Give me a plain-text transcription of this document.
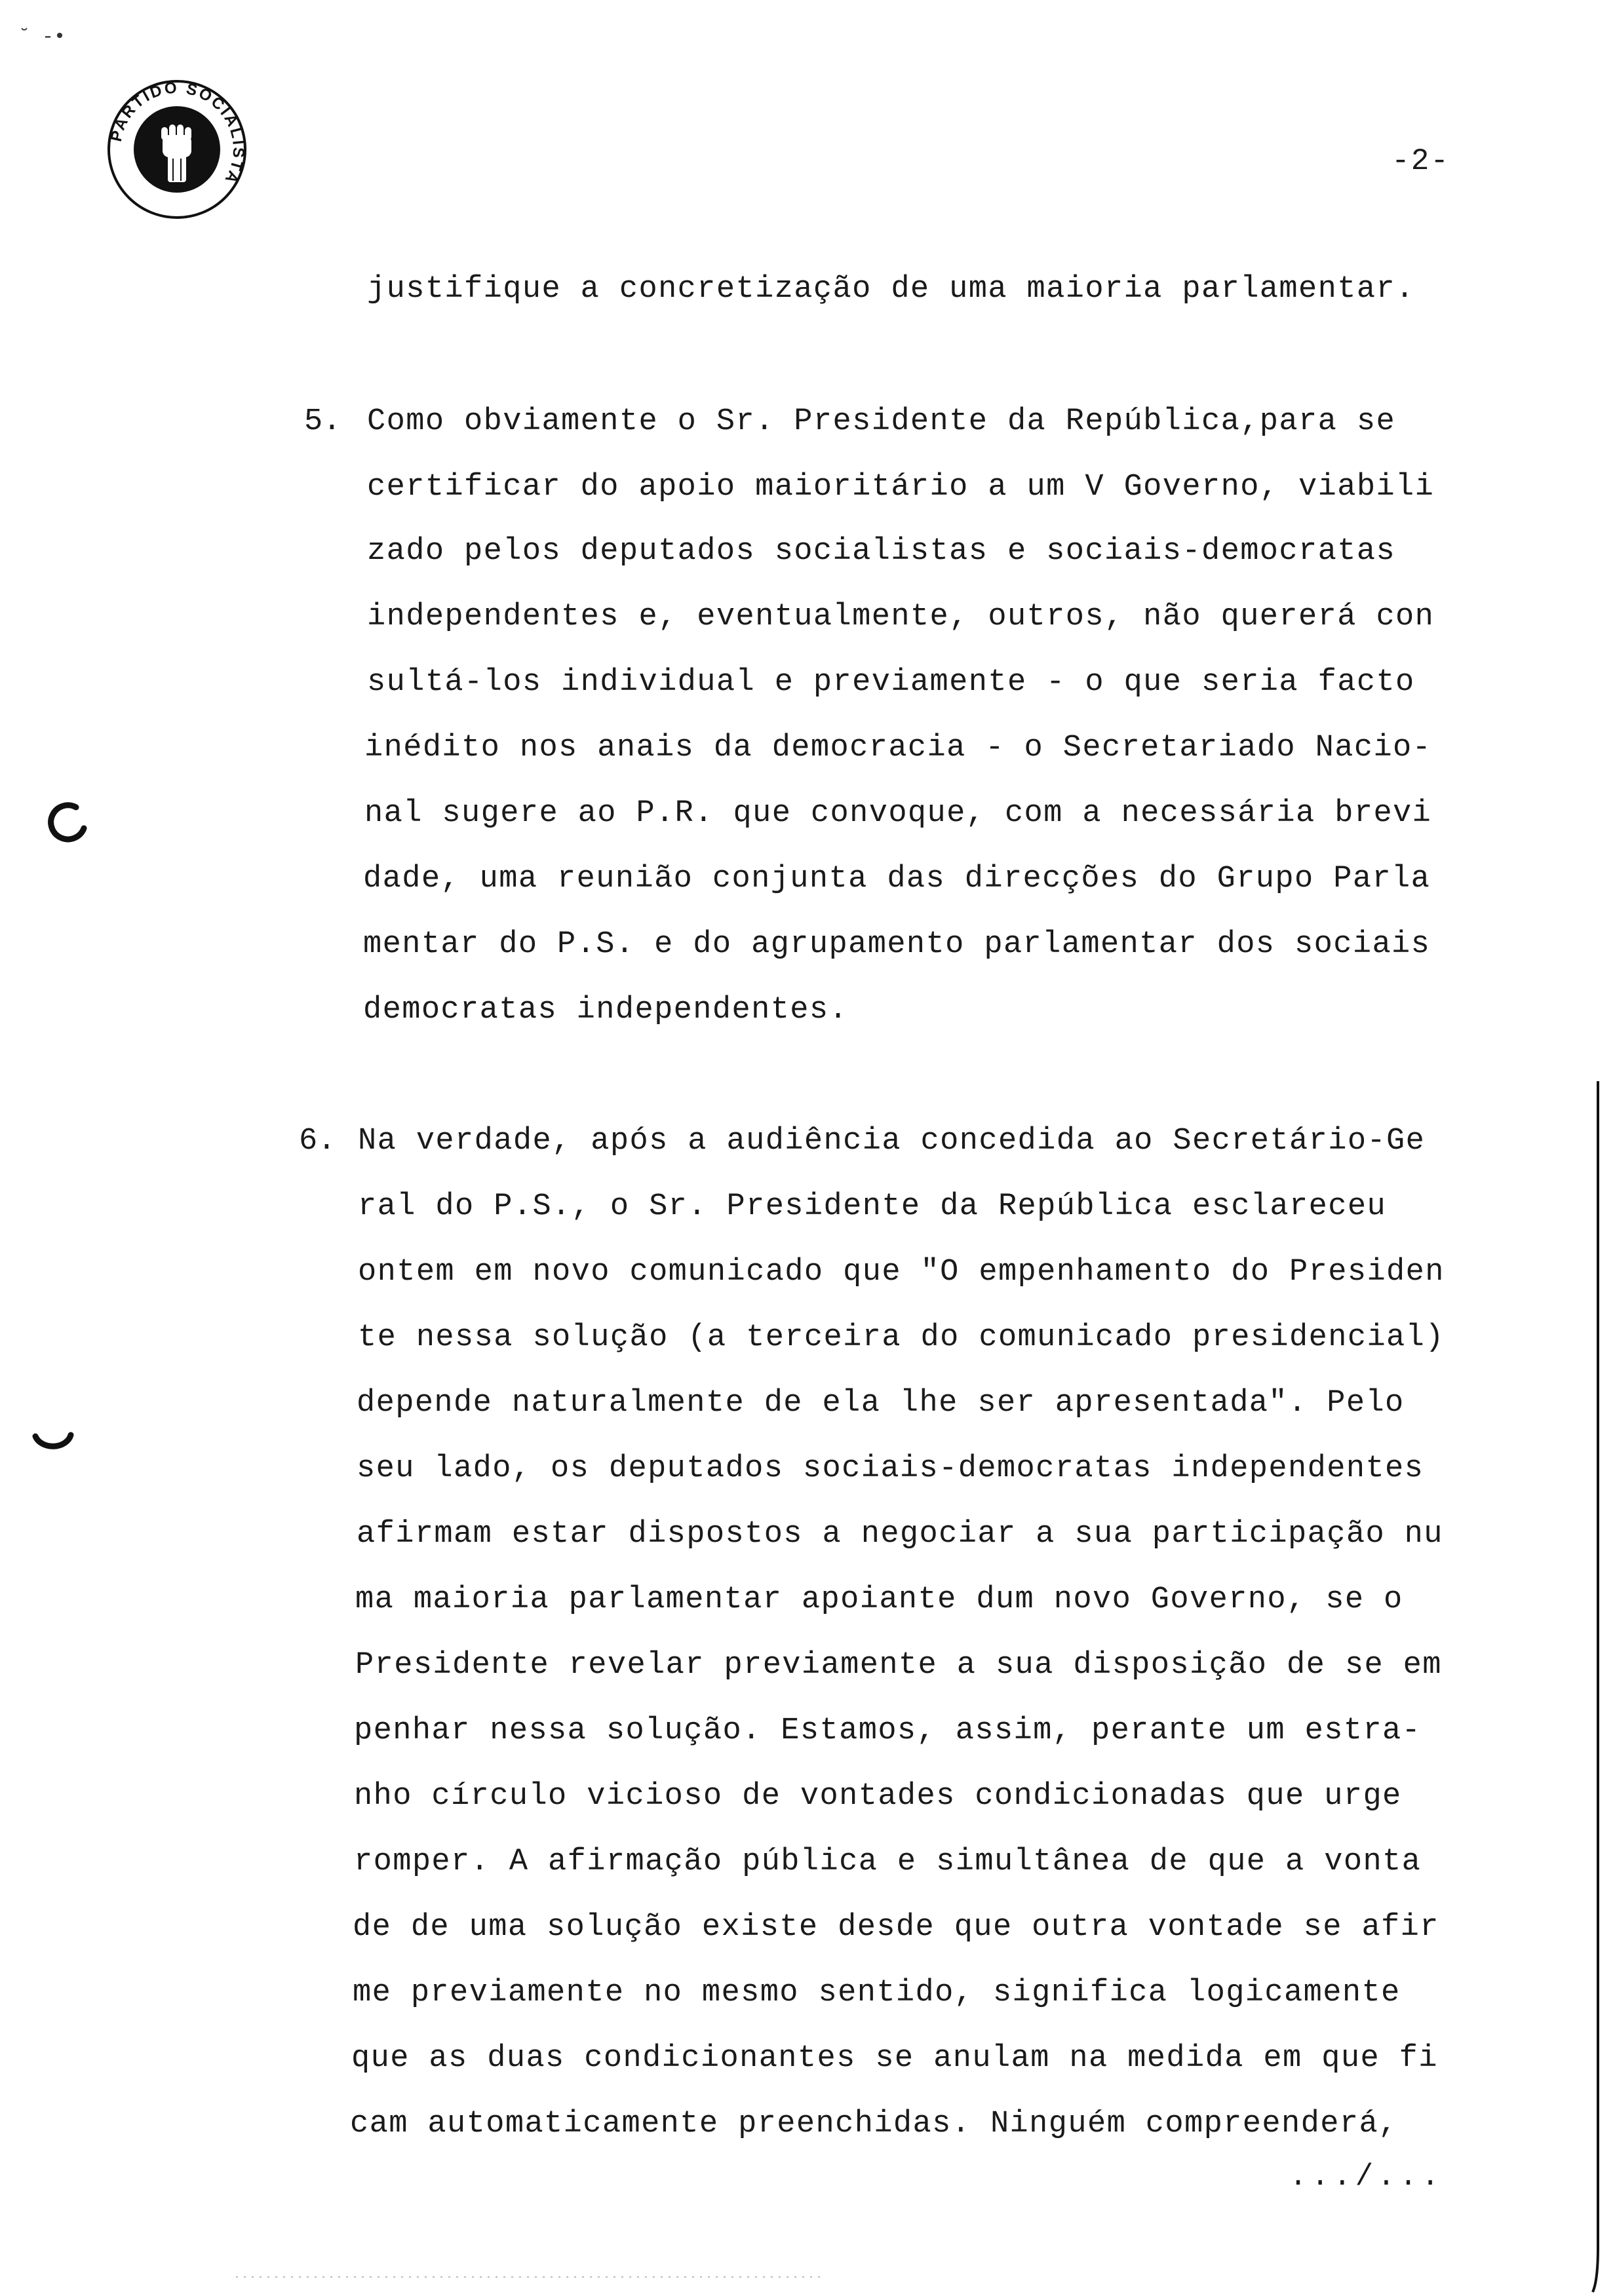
˘ -•
PARTIDO SOCIALISTA	-2-
justifique a concretização de uma maioria parlamentar.
5. Como obviamente o Sr. Presidente da República,para se
certificar do apoio maioritário a um V Governo, viabili
zado pelos deputados socialistas e sociais-democratas
independentes e, eventualmente, outros, não quererá con
sultá-los individual e previamente - o que seria facto
inédito nos anais da democracia - o Secretariado Nacio-
nal sugere ao P.R. que convoque, com a necessária brevi
dade, uma reunião conjunta das direcções do Grupo Parla
mentar do P.S. e do agrupamento parlamentar dos sociais
democratas independentes.
6. Na verdade, após a audiência concedida ao Secretário-Ge
ral do P.S., o Sr. Presidente da República esclareceu
ontem em novo comunicado que "O empenhamento do Presiden
te nessa solução (a terceira do comunicado presidencial)
depende naturalmente de ela lhe ser apresentada". Pelo
seu lado, os deputados sociais-democratas independentes
afirmam estar dispostos a negociar a sua participação nu
ma maioria parlamentar apoiante dum novo Governo, se o
Presidente revelar previamente a sua disposição de se em
penhar nessa solução. Estamos, assim, perante um estra-
nho círculo vicioso de vontades condicionadas que urge
romper. A afirmação pública e simultânea de que a vonta
de de uma solução existe desde que outra vontade se afir
me previamente no mesmo sentido, significa logicamente
que as duas condicionantes se anulam na medida em que fi
cam automaticamente preenchidas. Ninguém compreenderá,
.../...
